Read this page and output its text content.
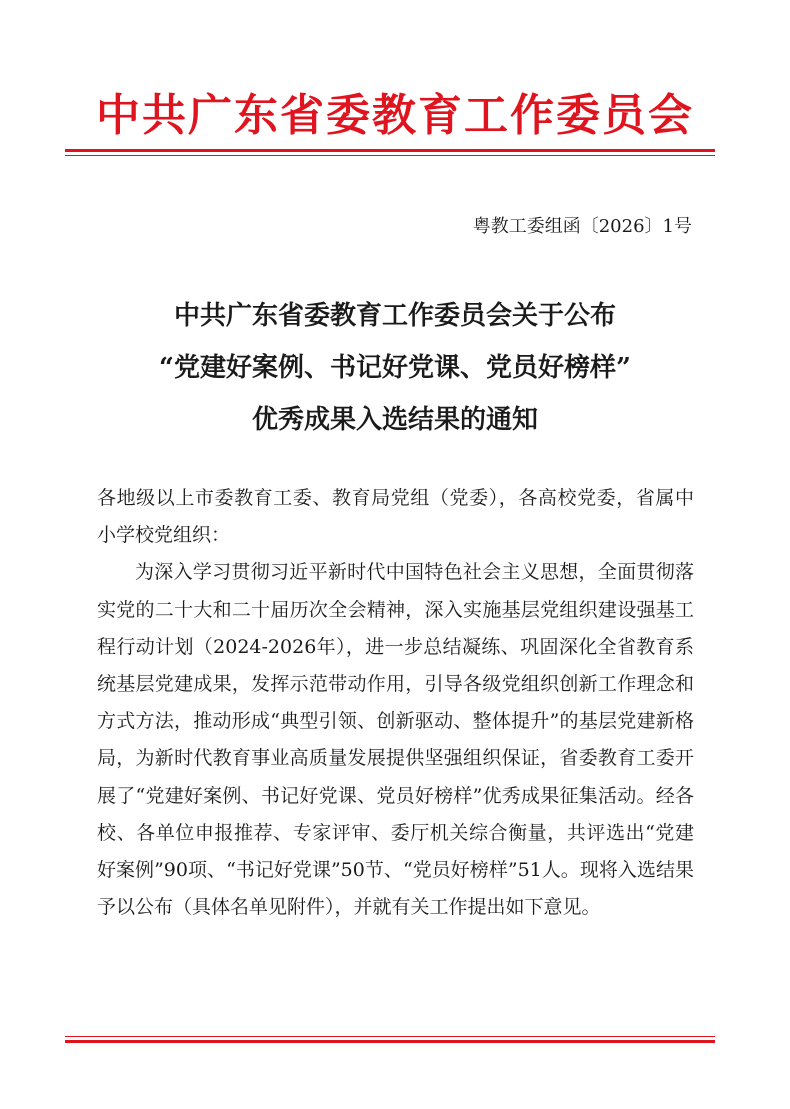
中共广东省委教育工作委员会
粤教工委组函〔2026〕1号
中共广东省委教育工作委员会关于公布
“党建好案例、书记好党课、党员好榜样”
优秀成果入选结果的通知

各地级以上市委教育工委、教育局党组（党委），各高校党委，省属中小学校党组织：

为深入学习贯彻习近平新时代中国特色社会主义思想，全面贯彻落实党的二十大和二十届历次全会精神，深入实施基层党组织建设强基工程行动计划（2024-2026年），进一步总结凝练、巩固深化全省教育系统基层党建成果，发挥示范带动作用，引导各级党组织创新工作理念和方式方法，推动形成“典型引领、创新驱动、整体提升”的基层党建新格局，为新时代教育事业高质量发展提供坚强组织保证，省委教育工委开展了“党建好案例、书记好党课、党员好榜样”优秀成果征集活动。经各校、各单位申报推荐、专家评审、委厅机关综合衡量，共评选出“党建好案例”90项、“书记好党课”50节、“党员好榜样”51人。现将入选结果予以公布（具体名单见附件），并就有关工作提出如下意见。
